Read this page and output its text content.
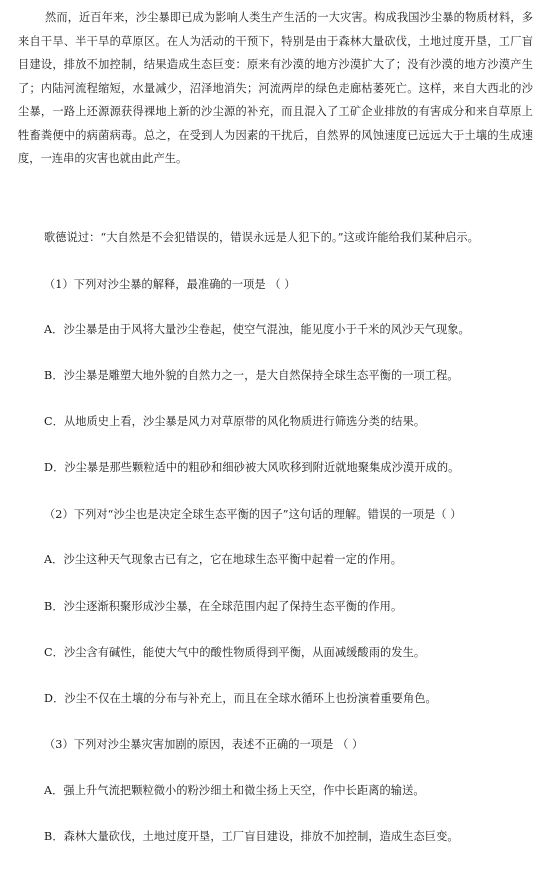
然而，近百年来，沙尘暴即已成为影响人类生产生活的一大灾害。构成我国沙尘暴的物质材料，多来自干旱、半干旱的草原区。在人为活动的干预下，特别是由于森林大量砍伐，土地过度开垦，工厂盲目建设，排放不加控制，结果造成生态巨变：原来有沙漠的地方沙漠扩大了；没有沙漠的地方沙漠产生了；内陆河流程缩短，水量减少，沼泽地消失；河流两岸的绿色走廊枯萎死亡。这样，来自大西北的沙尘暴，一路上还源源获得裸地上新的沙尘源的补充，而且混入了工矿企业排放的有害成分和来自草原上牲畜粪便中的病菌病毒。总之，在受到人为因素的干扰后，自然界的风蚀速度已远远大于土壤的生成速度，一连串的灾害也就由此产生。

歌德说过：“大自然是不会犯错误的，错误永远是人犯下的。”这或许能给我们某种启示。

（1）下列对沙尘暴的解释，最准确的一项是 （ ）

A．沙尘暴是由于风将大量沙尘卷起，使空气混浊，能见度小于千米的风沙天气现象。

B．沙尘暴是雕塑大地外貌的自然力之一，是大自然保持全球生态平衡的一项工程。

C．从地质史上看，沙尘暴是风力对草原带的风化物质进行筛选分类的结果。

D．沙尘暴是那些颗粒适中的粗砂和细砂被大风吹移到附近就地聚集成沙漠开成的。

（2）下列对“沙尘也是决定全球生态平衡的因子”这句话的理解。错误的一项是（ ）

A．沙尘这种天气现象古已有之，它在地球生态平衡中起着一定的作用。

B．沙尘逐渐积聚形成沙尘暴，在全球范围内起了保持生态平衡的作用。

C．沙尘含有碱性，能使大气中的酸性物质得到平衡，从面减缓酸雨的发生。

D．沙尘不仅在土壤的分布与补充上，而且在全球水循环上也扮演着重要角色。

（3）下列对沙尘暴灾害加剧的原因，表述不正确的一项是 （ ）

A．强上升气流把颗粒微小的粉沙细土和微尘扬上天空，作中长距离的输送。

B．森林大量砍伐，土地过度开垦，工厂盲目建设，排放不加控制，造成生态巨变。
